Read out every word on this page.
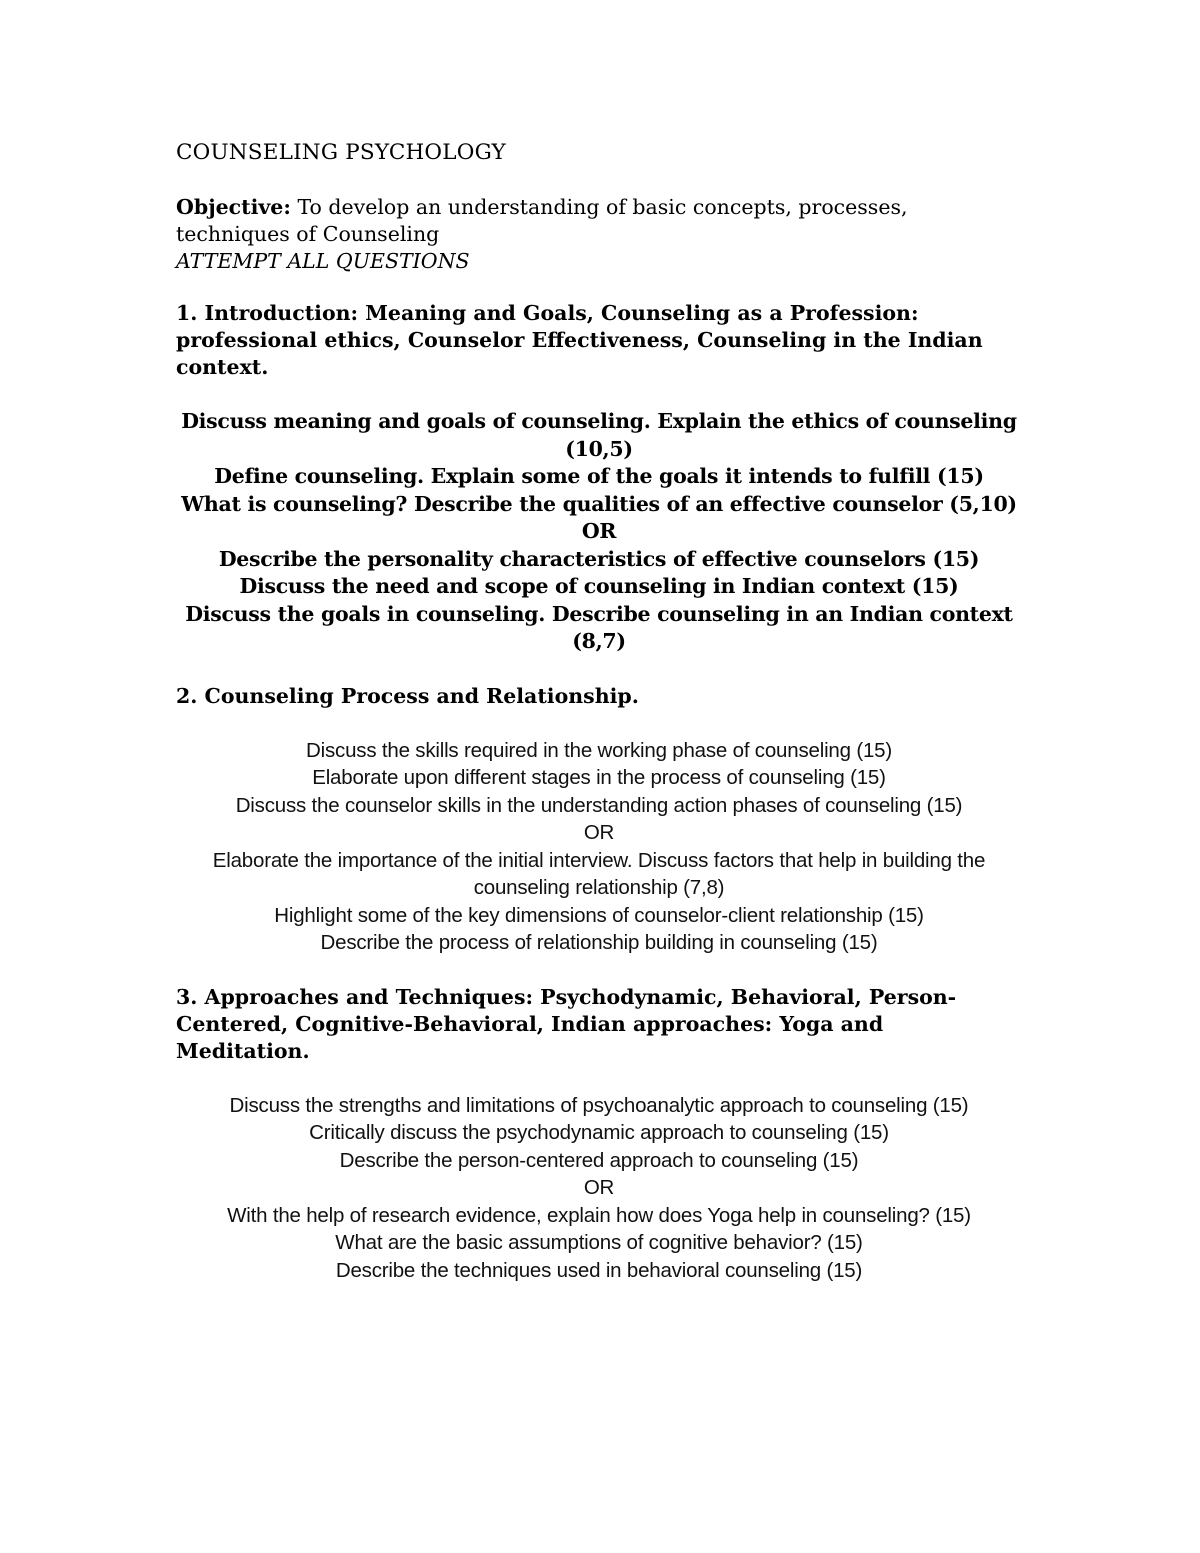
COUNSELING PSYCHOLOGY
Objective: To develop an understanding of basic concepts, processes, techniques of Counseling
ATTEMPT ALL QUESTIONS
1. Introduction: Meaning and Goals, Counseling as a Profession: professional ethics, Counselor Effectiveness, Counseling in the Indian context.
Discuss meaning and goals of counseling. Explain the ethics of counseling (10,5)
Define counseling. Explain some of the goals it intends to fulfill (15)
What is counseling? Describe the qualities of an effective counselor (5,10)
OR
Describe the personality characteristics of effective counselors (15)
Discuss the need and scope of counseling in Indian context (15)
Discuss the goals in counseling. Describe counseling in an Indian context (8,7)
2. Counseling Process and Relationship.
Discuss the skills required in the working phase of counseling (15)
Elaborate upon different stages in the process of counseling (15)
Discuss the counselor skills in the understanding action phases of counseling (15)
OR
Elaborate the importance of the initial interview. Discuss factors that help in building the counseling relationship (7,8)
Highlight some of the key dimensions of counselor-client relationship (15)
Describe the process of relationship building in counseling (15)
3. Approaches and Techniques: Psychodynamic, Behavioral, Person-Centered, Cognitive-Behavioral, Indian approaches: Yoga and Meditation.
Discuss the strengths and limitations of psychoanalytic approach to counseling (15)
Critically discuss the psychodynamic approach to counseling (15)
Describe the person-centered approach to counseling (15)
OR
With the help of research evidence, explain how does Yoga help in counseling? (15)
What are the basic assumptions of cognitive behavior? (15)
Describe the techniques used in behavioral counseling (15)
